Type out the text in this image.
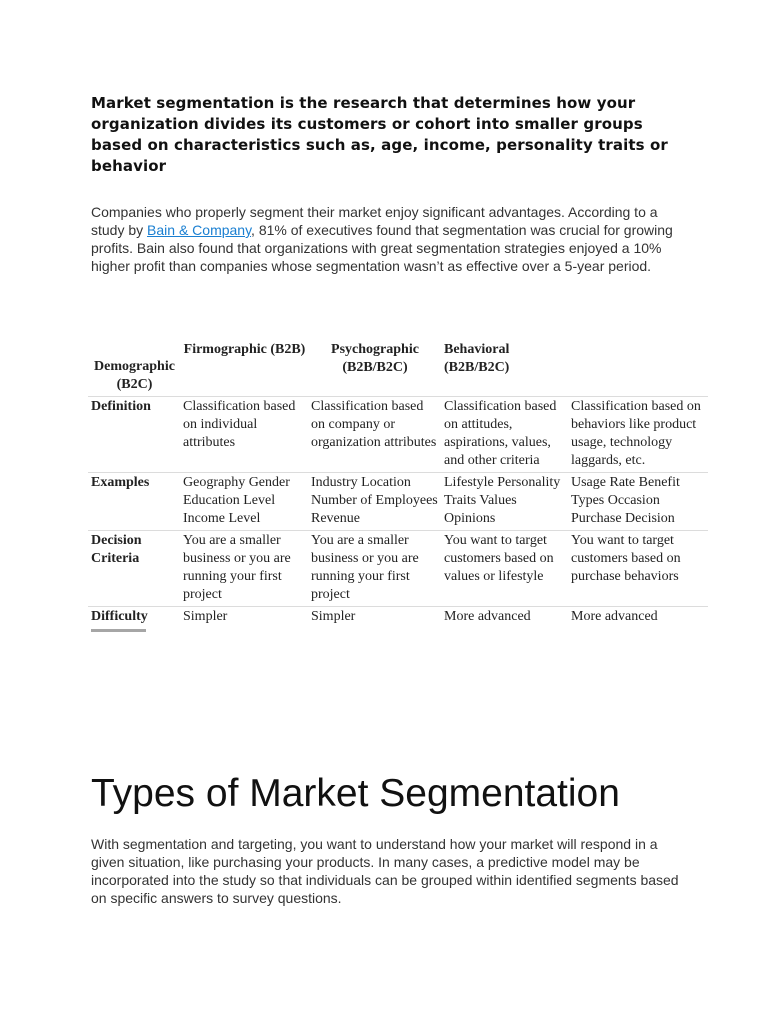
Market segmentation is the research that determines how your organization divides its customers or cohort into smaller groups based on characteristics such as, age, income, personality traits or behavior

Companies who properly segment their market enjoy significant advantages. According to a study by Bain & Company, 81% of executives found that segmentation was crucial for growing profits. Bain also found that organizations with great segmentation strategies enjoyed a 10% higher profit than companies whose segmentation wasn’t as effective over a 5-year period.

Demographic (B2C)	Firmographic (B2B)	Psychographic (B2B/B2C)	Behavioral (B2B/B2C)	
Definition	Classification based on individual attributes	Classification based on company or organization attributes	Classification based on attitudes, aspirations, values, and other criteria	Classification based on behaviors like product usage, technology laggards, etc.
Examples	Geography Gender Education Level Income Level	Industry Location Number of Employees Revenue	Lifestyle Personality Traits Values Opinions	Usage Rate Benefit Types Occasion Purchase Decision
Decision Criteria	You are a smaller business or you are running your first project	You are a smaller business or you are running your first project	You want to target customers based on values or lifestyle	You want to target customers based on purchase behaviors
Difficulty	Simpler	Simpler	More advanced	More advanced
Types of Market Segmentation

With segmentation and targeting, you want to understand how your market will respond in a given situation, like purchasing your products. In many cases, a predictive model may be incorporated into the study so that individuals can be grouped within identified segments based on specific answers to survey questions.
